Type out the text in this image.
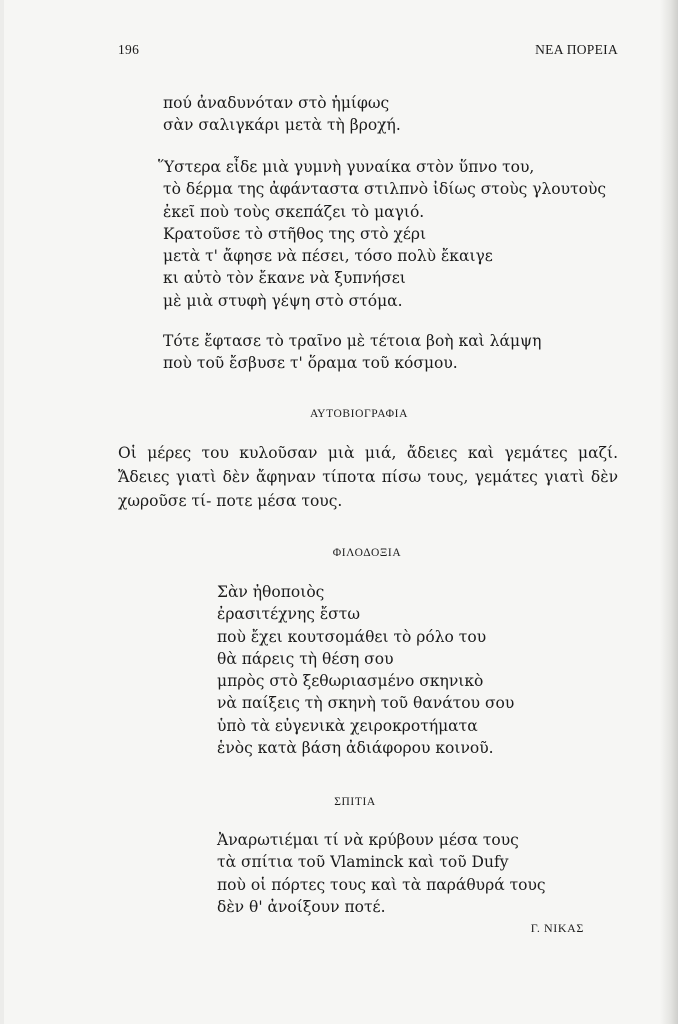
196	ΝΕΑ ΠΟΡΕΙΑ
πού ἀναδυνόταν στὸ ἡμίφως
σὰν σαλιγκάρι μετὰ τὴ βροχή.
Ὕστερα εἶδε μιὰ γυμνὴ γυναίκα στὸν ὕπνο του,
τὸ δέρμα της ἀφάνταστα στιλπνὸ ἰδίως στοὺς γλουτοὺς
ἐκεῖ ποὺ τοὺς σκεπάζει τὸ μαγιό.
Κρατοῦσε τὸ στῆθος της στὸ χέρι
μετὰ τ' ἄφησε νὰ πέσει, τόσο πολὺ ἔκαιγε
κι αὐτὸ τὸν ἔκανε νὰ ξυπνήσει
μὲ μιὰ στυφὴ γέψη στὸ στόμα.
Τότε ἔφτασε τὸ τραῖνο μὲ τέτοια βοὴ καὶ λάμψη
ποὺ τοῦ ἔσβυσε τ' ὅραμα τοῦ κόσμου.
ΑΥΤΟΒΙΟΓΡΑΦΙΑ
Οἱ μέρες του κυλοῦσαν μιὰ μιά, ἄδειες καὶ γεμάτες μαζί. Ἄδειες γιατὶ δὲν ἄφηναν τίποτα πίσω τους, γεμάτες γιατὶ δὲν χωροῦσε τί- ποτε μέσα τους.
ΦΙΛΟΔΟΞΙΑ
Σὰν ἠθοποιὸς
ἐρασιτέχνης ἔστω
ποὺ ἔχει κουτσομάθει τὸ ρόλο του
θὰ πάρεις τὴ θέση σου
μπρὸς στὸ ξεθωριασμένο σκηνικὸ
νὰ παίξεις τὴ σκηνὴ τοῦ θανάτου σου
ὑπὸ τὰ εὐγενικὰ χειροκροτήματα
ἑνὸς κατὰ βάση ἀδιάφορου κοινοῦ.
ΣΠΙΤΙΑ
Ἀναρωτιέμαι τί νὰ κρύβουν μέσα τους
τὰ σπίτια τοῦ Vlaminck καὶ τοῦ Dufy
ποὺ οἱ πόρτες τους καὶ τὰ παράθυρά τους
δὲν θ' ἀνοίξουν ποτέ.
Γ. ΝΙΚΑΣ
